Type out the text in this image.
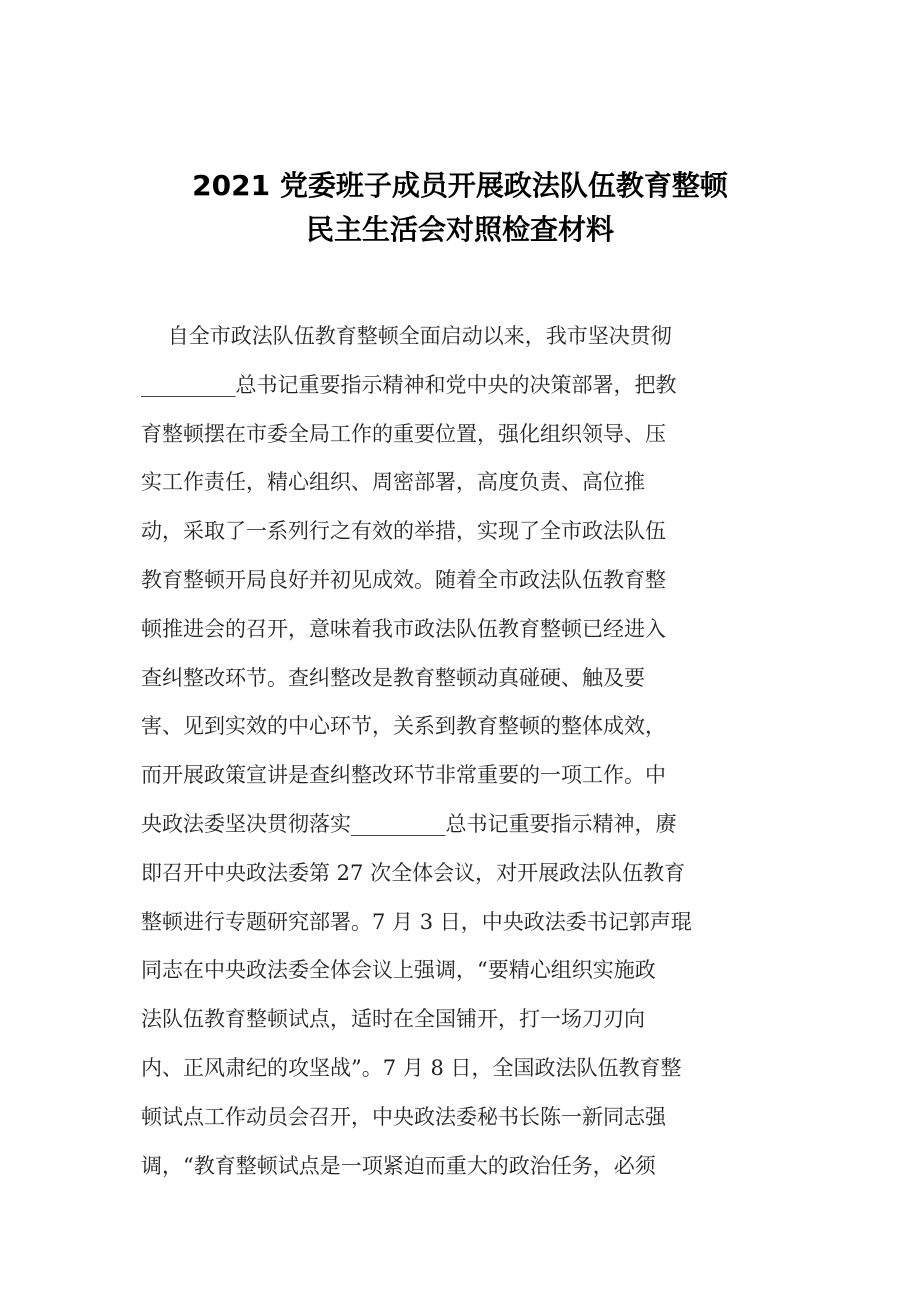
2021 党委班子成员开展政法队伍教育整顿
民主生活会对照检查材料
自全市政法队伍教育整顿全面启动以来，我市坚决贯彻
_________总书记重要指示精神和党中央的决策部署，把教
育整顿摆在市委全局工作的重要位置，强化组织领导、压
实工作责任，精心组织、周密部署，高度负责、高位推
动，采取了一系列行之有效的举措，实现了全市政法队伍
教育整顿开局良好并初见成效。随着全市政法队伍教育整
顿推进会的召开，意味着我市政法队伍教育整顿已经进入
查纠整改环节。查纠整改是教育整顿动真碰硬、触及要
害、见到实效的中心环节，关系到教育整顿的整体成效，
而开展政策宣讲是查纠整改环节非常重要的一项工作。中
央政法委坚决贯彻落实_________总书记重要指示精神，赓
即召开中央政法委第 27 次全体会议，对开展政法队伍教育
整顿进行专题研究部署。7 月 3 日，中央政法委书记郭声琨
同志在中央政法委全体会议上强调，“要精心组织实施政
法队伍教育整顿试点，适时在全国铺开，打一场刀刃向
内、正风肃纪的攻坚战”。7 月 8 日，全国政法队伍教育整
顿试点工作动员会召开，中央政法委秘书长陈一新同志强
调，“教育整顿试点是一项紧迫而重大的政治任务，必须
